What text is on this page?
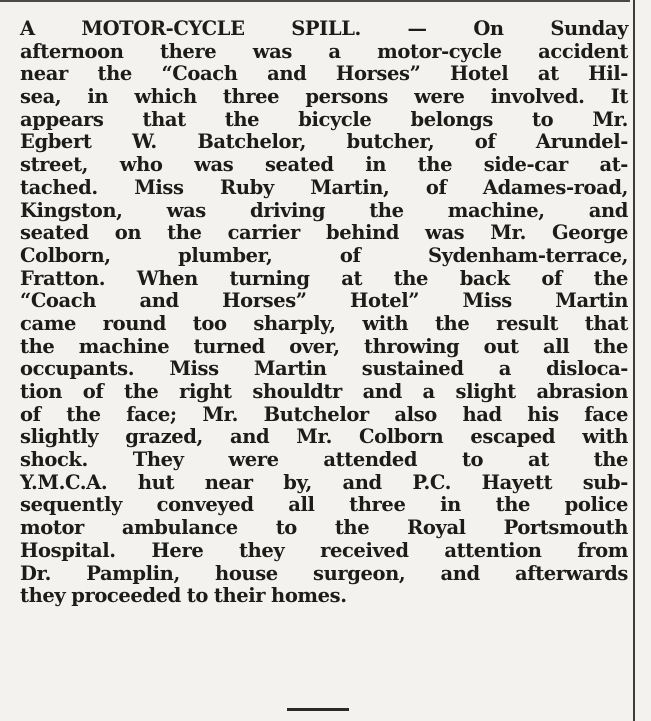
A MOTOR-CYCLE SPILL. — On Sunday
afternoon there was a motor-cycle accident
near the “Coach and Horses” Hotel at Hil-
sea, in which three persons were involved. It
appears that the bicycle belongs to Mr.
Egbert W. Batchelor, butcher, of Arundel-
street, who was seated in the side-car at-
tached. Miss Ruby Martin, of Adames-road,
Kingston, was driving the machine, and
seated on the carrier behind was Mr. George
Colborn, plumber, of Sydenham-terrace,
Fratton. When turning at the back of the
“Coach and Horses” Hotel” Miss Martin
came round too sharply, with the result that
the machine turned over, throwing out all the
occupants. Miss Martin sustained a disloca-
tion of the right shouldtr and a slight abrasion
of the face; Mr. Butchelor also had his face
slightly grazed, and Mr. Colborn escaped with
shock. They were attended to at the
Y.M.C.A. hut near by, and P.C. Hayett sub-
sequently conveyed all three in the police
motor ambulance to the Royal Portsmouth
Hospital. Here they received attention from
Dr. Pamplin, house surgeon, and afterwards
they proceeded to their homes.
